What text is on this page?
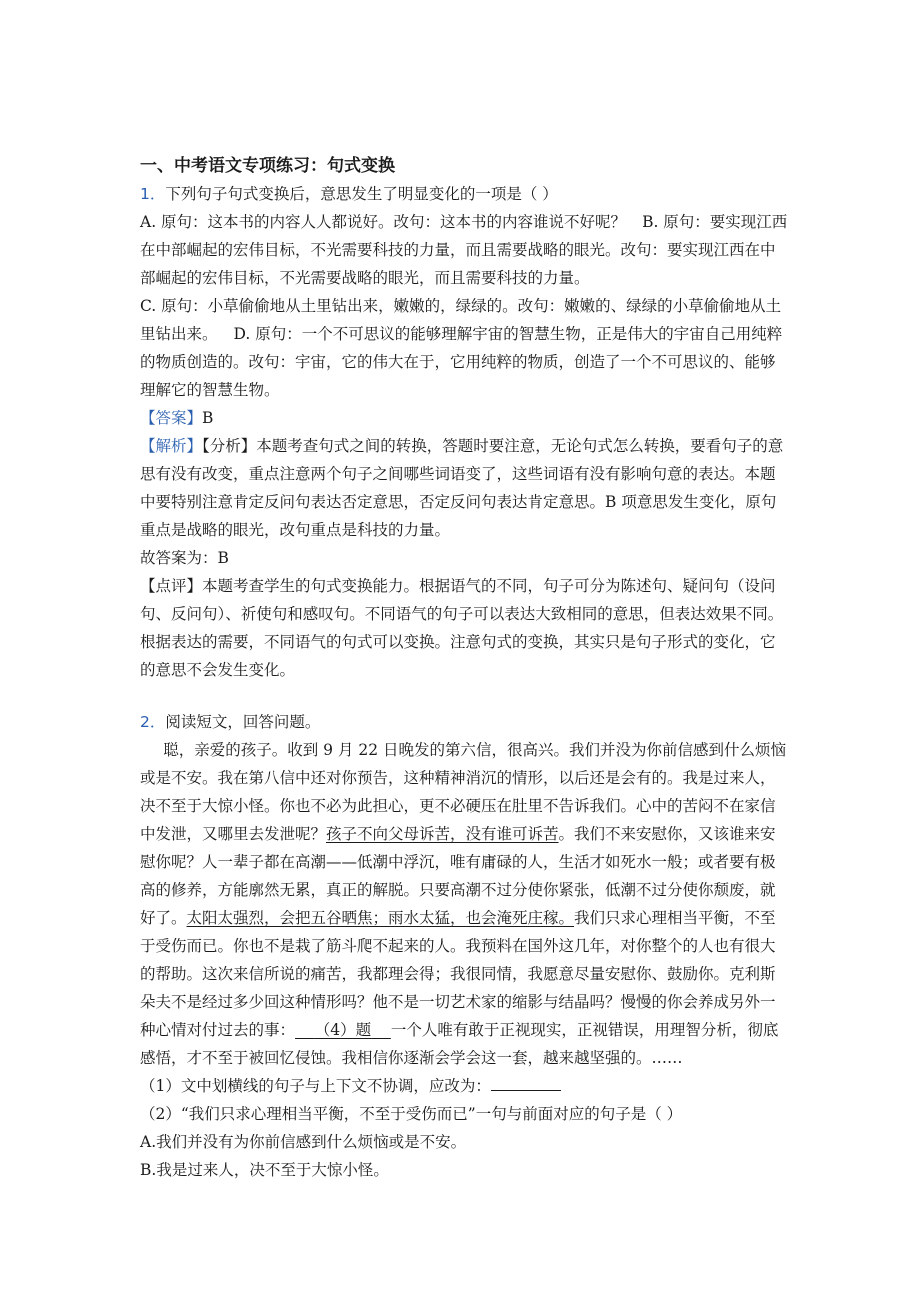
一、中考语文专项练习：句式变换

1．下列句子句式变换后，意思发生了明显变化的一项是（ ）

A. 原句：这本书的内容人人都说好。改句：这本书的内容谁说不好呢？ B. 原句：要实现江西在中部崛起的宏伟目标，不光需要科技的力量，而且需要战略的眼光。改句：要实现江西在中部崛起的宏伟目标，不光需要战略的眼光，而且需要科技的力量。

C. 原句：小草偷偷地从土里钻出来，嫩嫩的，绿绿的。改句：嫩嫩的、绿绿的小草偷偷地从土里钻出来。 D. 原句：一个不可思议的能够理解宇宙的智慧生物，正是伟大的宇宙自己用纯粹的物质创造的。改句：宇宙，它的伟大在于，它用纯粹的物质，创造了一个不可思议的、能够理解它的智慧生物。

【答案】B

【解析】【分析】本题考查句式之间的转换，答题时要注意，无论句式怎么转换，要看句子的意思有没有改变，重点注意两个句子之间哪些词语变了，这些词语有没有影响句意的表达。本题中要特别注意肯定反问句表达否定意思，否定反问句表达肯定意思。B 项意思发生变化，原句重点是战略的眼光，改句重点是科技的力量。

故答案为：B

【点评】本题考查学生的句式变换能力。根据语气的不同，句子可分为陈述句、疑问句（设问句、反问句）、祈使句和感叹句。不同语气的句子可以表达大致相同的意思，但表达效果不同。根据表达的需要，不同语气的句式可以变换。注意句式的变换，其实只是句子形式的变化，它的意思不会发生变化。

2．阅读短文，回答问题。

聪，亲爱的孩子。收到 9 月 22 日晚发的第六信，很高兴。我们并没为你前信感到什么烦恼或是不安。我在第八信中还对你预告，这种精神消沉的情形，以后还是会有的。我是过来人，决不至于大惊小怪。你也不必为此担心，更不必硬压在肚里不告诉我们。心中的苦闷不在家信中发泄，又哪里去发泄呢？孩子不向父母诉苦，没有谁可诉苦。我们不来安慰你，又该谁来安慰你呢？人一辈子都在高潮——低潮中浮沉，唯有庸碌的人，生活才如死水一般；或者要有极高的修养，方能廓然无累，真正的解脱。只要高潮不过分使你紧张，低潮不过分使你颓废，就好了。太阳太强烈，会把五谷晒焦；雨水太猛，也会淹死庄稼。我们只求心理相当平衡，不至于受伤而已。你也不是栽了筋斗爬不起来的人。我预料在国外这几年，对你整个的人也有很大的帮助。这次来信所说的痛苦，我都理会得；我很同情，我愿意尽量安慰你、鼓励你。克利斯朵夫不是经过多少回这种情形吗？他不是一切艺术家的缩影与结晶吗？慢慢的你会养成另外一种心情对付过去的事： （4）题 一个人唯有敢于正视现实，正视错误，用理智分析，彻底感悟，才不至于被回忆侵蚀。我相信你逐渐会学会这一套，越来越坚强的。……

（1）文中划横线的句子与上下文不协调，应改为：

（2）“我们只求心理相当平衡，不至于受伤而已”一句与前面对应的句子是（ ）

A.我们并没有为你前信感到什么烦恼或是不安。

B.我是过来人，决不至于大惊小怪。
